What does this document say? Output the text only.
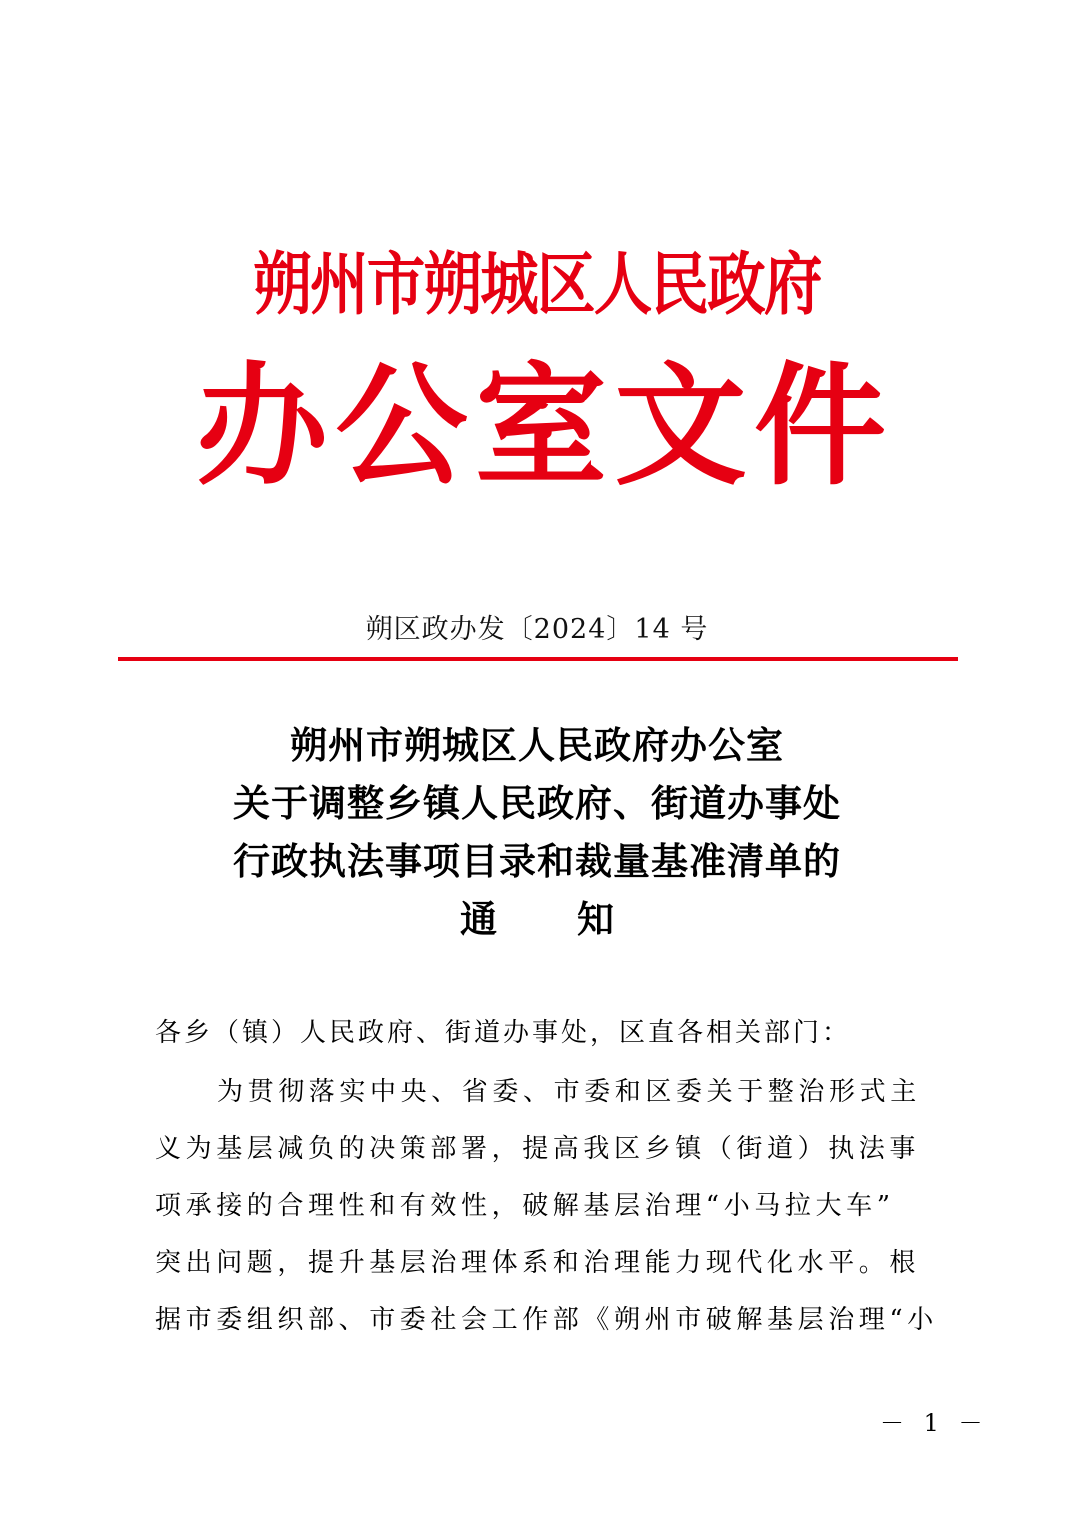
朔州市朔城区人民政府
办 公 室 文 件
朔区政办发〔2024〕14 号
朔州市朔城区人民政府办公室
关于调整乡镇人民政府、街道办事处
行政执法事项目录和裁量基准清单的
通知
各乡（镇）人民政府、街道办事处，区直各相关部门：
为贯彻落实中央、省委、市委和区委关于整治形式主
义为基层减负的决策部署，提高我区乡镇（街道）执法事
项承接的合理性和有效性，破解基层治理“小马拉大车”
突出问题，提升基层治理体系和治理能力现代化水平。根
据市委组织部、市委社会工作部《朔州市破解基层治理“小
－ 1 －
